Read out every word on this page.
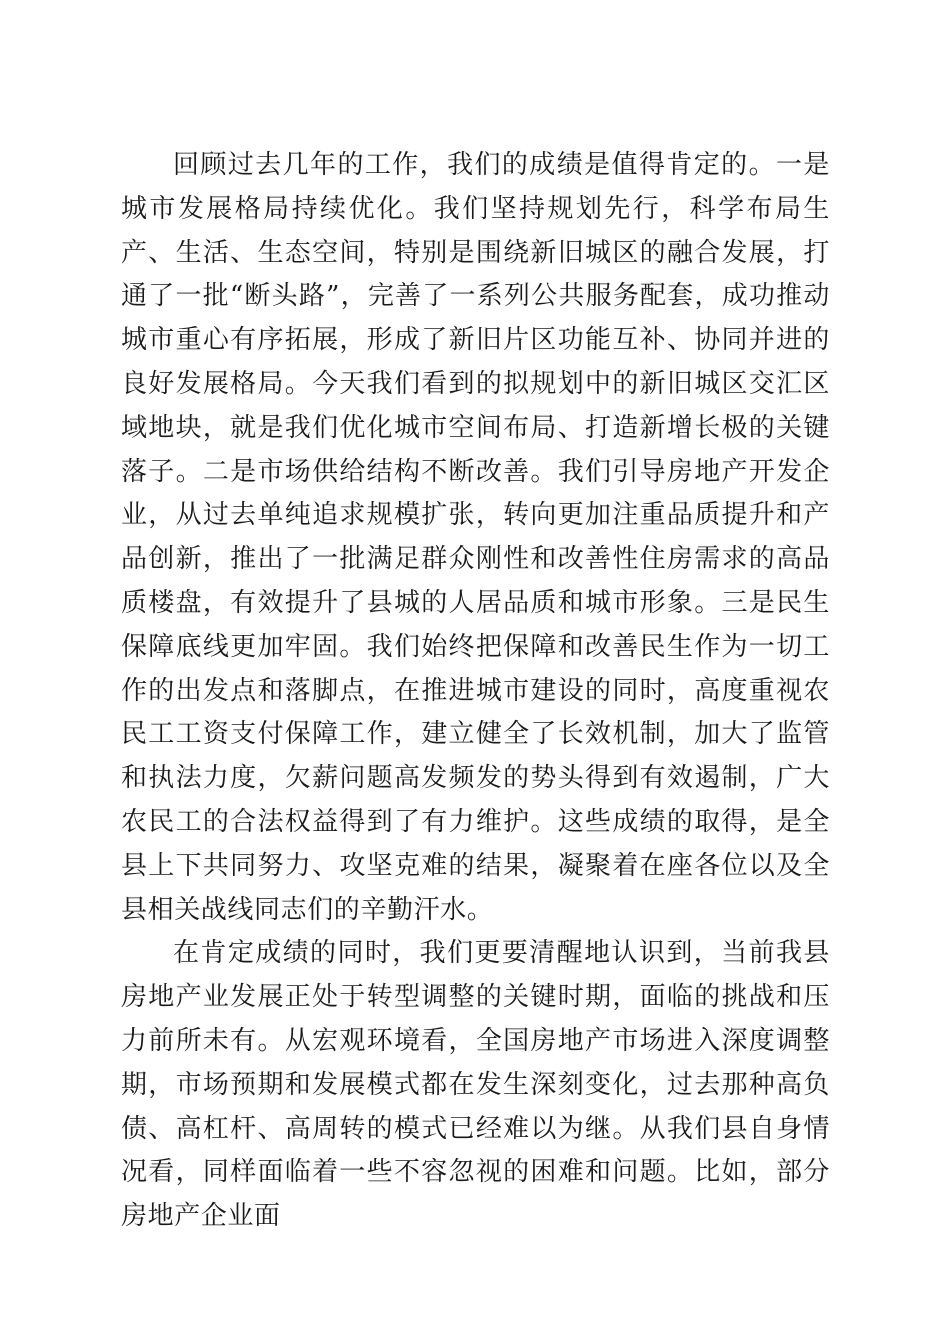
回顾过去几年的工作，我们的成绩是值得肯定的。一是城市发展格局持续优化。我们坚持规划先行，科学布局生产、生活、生态空间，特别是围绕新旧城区的融合发展，打通了一批“断头路”，完善了一系列公共服务配套，成功推动城市重心有序拓展，形成了新旧片区功能互补、协同并进的良好发展格局。今天我们看到的拟规划中的新旧城区交汇区域地块，就是我们优化城市空间布局、打造新增长极的关键落子。二是市场供给结构不断改善。我们引导房地产开发企业，从过去单纯追求规模扩张，转向更加注重品质提升和产品创新，推出了一批满足群众刚性和改善性住房需求的高品质楼盘，有效提升了县城的人居品质和城市形象。三是民生保障底线更加牢固。我们始终把保障和改善民生作为一切工作的出发点和落脚点，在推进城市建设的同时，高度重视农民工工资支付保障工作，建立健全了长效机制，加大了监管和执法力度，欠薪问题高发频发的势头得到有效遏制，广大农民工的合法权益得到了有力维护。这些成绩的取得，是全县上下共同努力、攻坚克难的结果，凝聚着在座各位以及全县相关战线同志们的辛勤汗水。

在肯定成绩的同时，我们更要清醒地认识到，当前我县房地产业发展正处于转型调整的关键时期，面临的挑战和压力前所未有。从宏观环境看，全国房地产市场进入深度调整期，市场预期和发展模式都在发生深刻变化，过去那种高负债、高杠杆、高周转的模式已经难以为继。从我们县自身情况看，同样面临着一些不容忽视的困难和问题。比如，部分房地产企业面
